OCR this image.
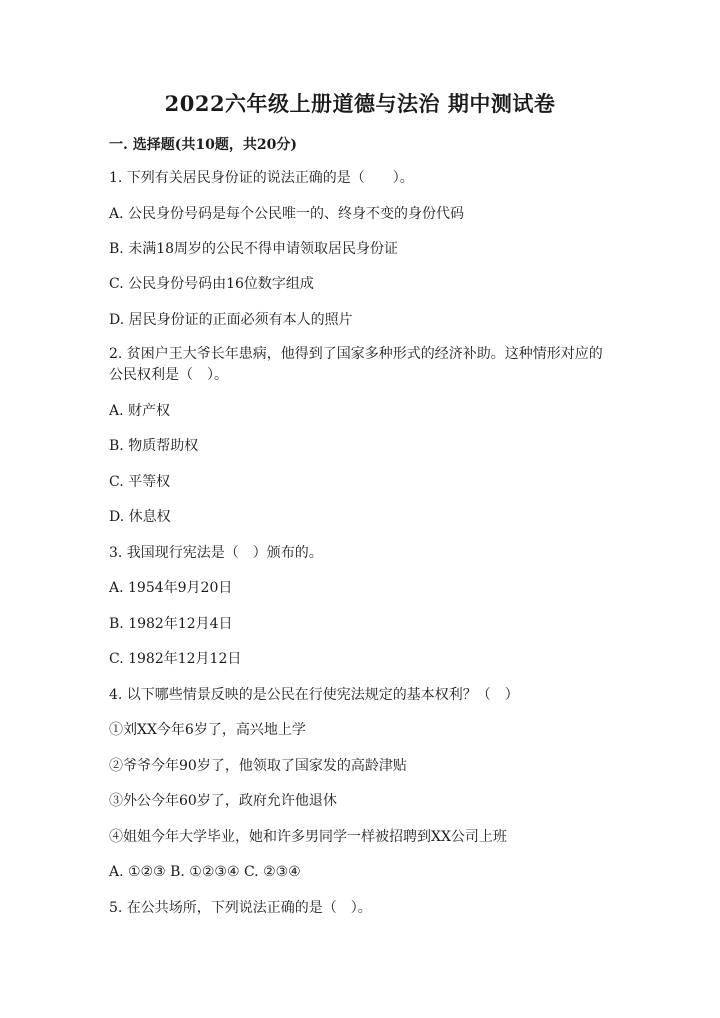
2022六年级上册道德与法治 期中测试卷
一. 选择题(共10题，共20分)
1. 下列有关居民身份证的说法正确的是（　　）。
A. 公民身份号码是每个公民唯一的、终身不变的身份代码
B. 未满18周岁的公民不得申请领取居民身份证
C. 公民身份号码由16位数字组成
D. 居民身份证的正面必须有本人的照片
2. 贫困户王大爷长年患病，他得到了国家多种形式的经济补助。这种情形对应的公民权利是（　）。
A. 财产权
B. 物质帮助权
C. 平等权
D. 休息权
3. 我国现行宪法是（　）颁布的。
A. 1954年9月20日
B. 1982年12月4日
C. 1982年12月12日
4. 以下哪些情景反映的是公民在行使宪法规定的基本权利？（　）
①刘XX今年6岁了，高兴地上学
②爷爷今年90岁了，他领取了国家发的高龄津贴
③外公今年60岁了，政府允许他退休
④姐姐今年大学毕业，她和许多男同学一样被招聘到XX公司上班
A. ①②③ B. ①②③④ C. ②③④
5. 在公共场所，下列说法正确的是（　）。
